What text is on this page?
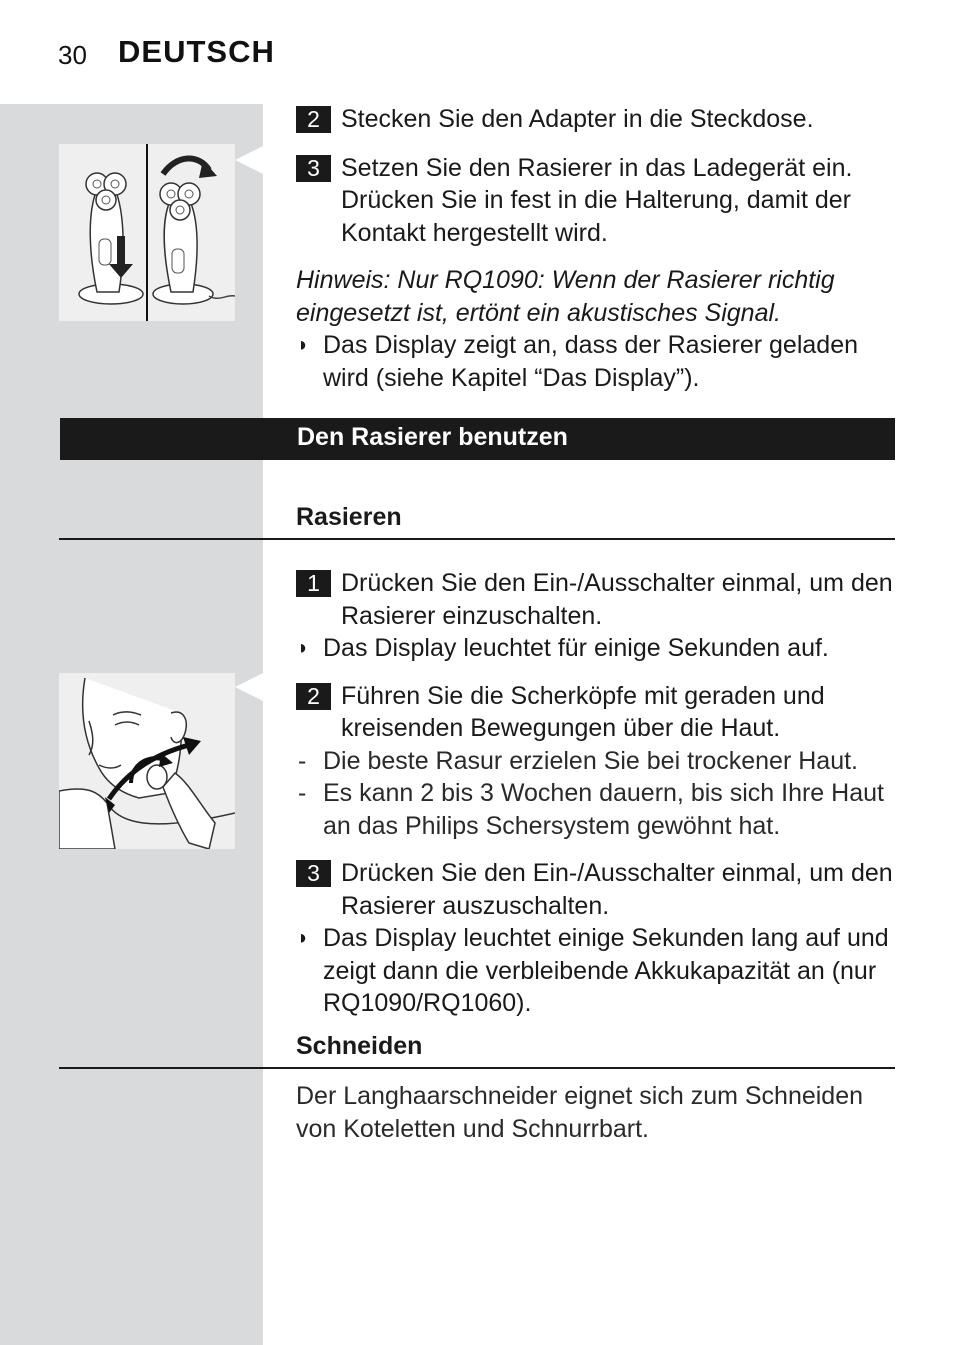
30 DEUTSCH
2 Stecken Sie den Adapter in die Steckdose.
3 Setzen Sie den Rasierer in das Ladegerät ein. Drücken Sie in fest in die Halterung, damit der Kontakt hergestellt wird.
Hinweis: Nur RQ1090: Wenn der Rasierer richtig eingesetzt ist, ertönt ein akustisches Signal.
◗ Das Display zeigt an, dass der Rasierer geladen wird (siehe Kapitel “Das Display”).
Den Rasierer benutzen
Rasieren
1 Drücken Sie den Ein-/Ausschalter einmal, um den Rasierer einzuschalten.
◗ Das Display leuchtet für einige Sekunden auf.
2 Führen Sie die Scherköpfe mit geraden und kreisenden Bewegungen über die Haut.
- Die beste Rasur erzielen Sie bei trockener Haut.
- Es kann 2 bis 3 Wochen dauern, bis sich Ihre Haut an das Philips Schersystem gewöhnt hat.
3 Drücken Sie den Ein-/Ausschalter einmal, um den Rasierer auszuschalten.
◗ Das Display leuchtet einige Sekunden lang auf und zeigt dann die verbleibende Akkukapazität an (nur RQ1090/RQ1060).
Schneiden
Der Langhaarschneider eignet sich zum Schneiden von Koteletten und Schnurrbart.
